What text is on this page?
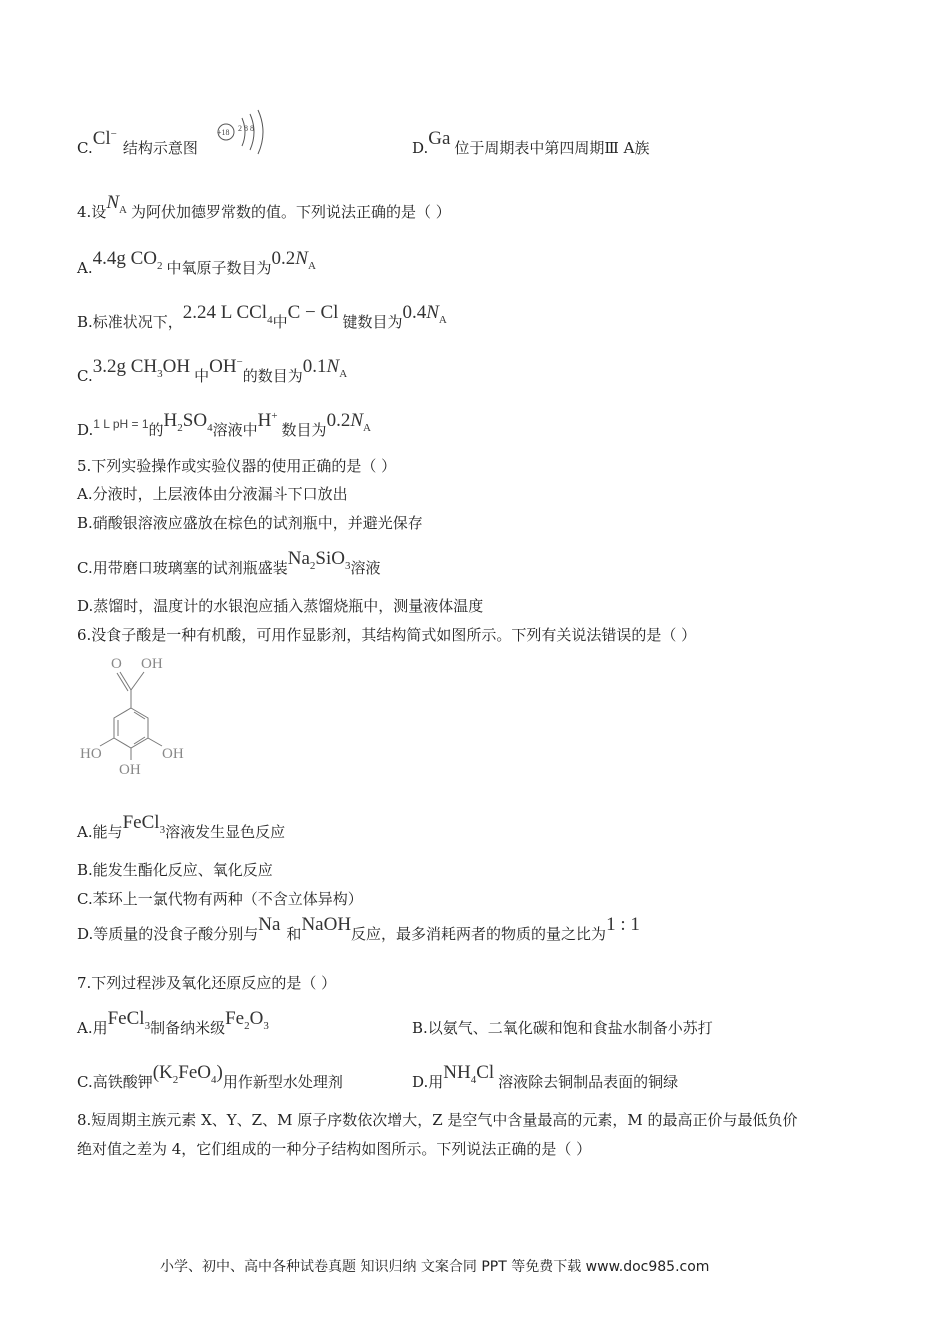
C.Cl−结构示意图
+18 2 8 8
D.Ga 位于周期表中第四周期Ⅲ A族
4.设$N_A$ 为阿伏加德罗常数的值。下列说法正确的是（ ）
A.4.4g $CO_2$ 中氧原子数目为$0.2N_A$
B.标准状况下，2.24 L CCl$_4$中C − Cl 键数目为$0.4N_A$
C.3.2g $CH_3OH$ 中OH−的数目为$0.1N_A$
D.$^{1 L pH = 1}$的$H_2SO_4$溶液中H+数目为$0.2N_A$
5.下列实验操作或实验仪器的使用正确的是（ ）
A.分液时，上层液体由分液漏斗下口放出
B.硝酸银溶液应盛放在棕色的试剂瓶中，并避光保存
C.用带磨口玻璃塞的试剂瓶盛装$Na_2SiO_3$溶液
D.蒸馏时，温度计的水银泡应插入蒸馏烧瓶中，测量液体温度
6.没食子酸是一种有机酸，可用作显影剂，其结构简式如图所示。下列有关说法错误的是（ ）
O OH
HO	OH
OH
A.能与FeCl$_3$溶液发生显色反应
B.能发生酯化反应、氧化反应
C.苯环上一氯代物有两种（不含立体异构）
D.等质量的没食子酸分别与Na 和NaOH反应，最多消耗两者的物质的量之比为1 : 1
7.下列过程涉及氧化还原反应的是（ ）
A.用FeCl$_3$制备纳米级$Fe_2O_3$	B.以氨气、二氧化碳和饱和食盐水制备小苏打
C.高铁酸钾$(K_2FeO_4)$用作新型水处理剂	D.用$NH_4Cl$ 溶液除去铜制品表面的铜绿
8.短周期主族元素 X、Y、Z、M 原子序数依次增大，Z 是空气中含量最高的元素，M 的最高正价与最低负价
绝对值之差为 4，它们组成的一种分子结构如图所示。下列说法正确的是（ ）
小学、初中、高中各种试卷真题 知识归纳 文案合同 PPT 等免费下载 www.doc985.com
